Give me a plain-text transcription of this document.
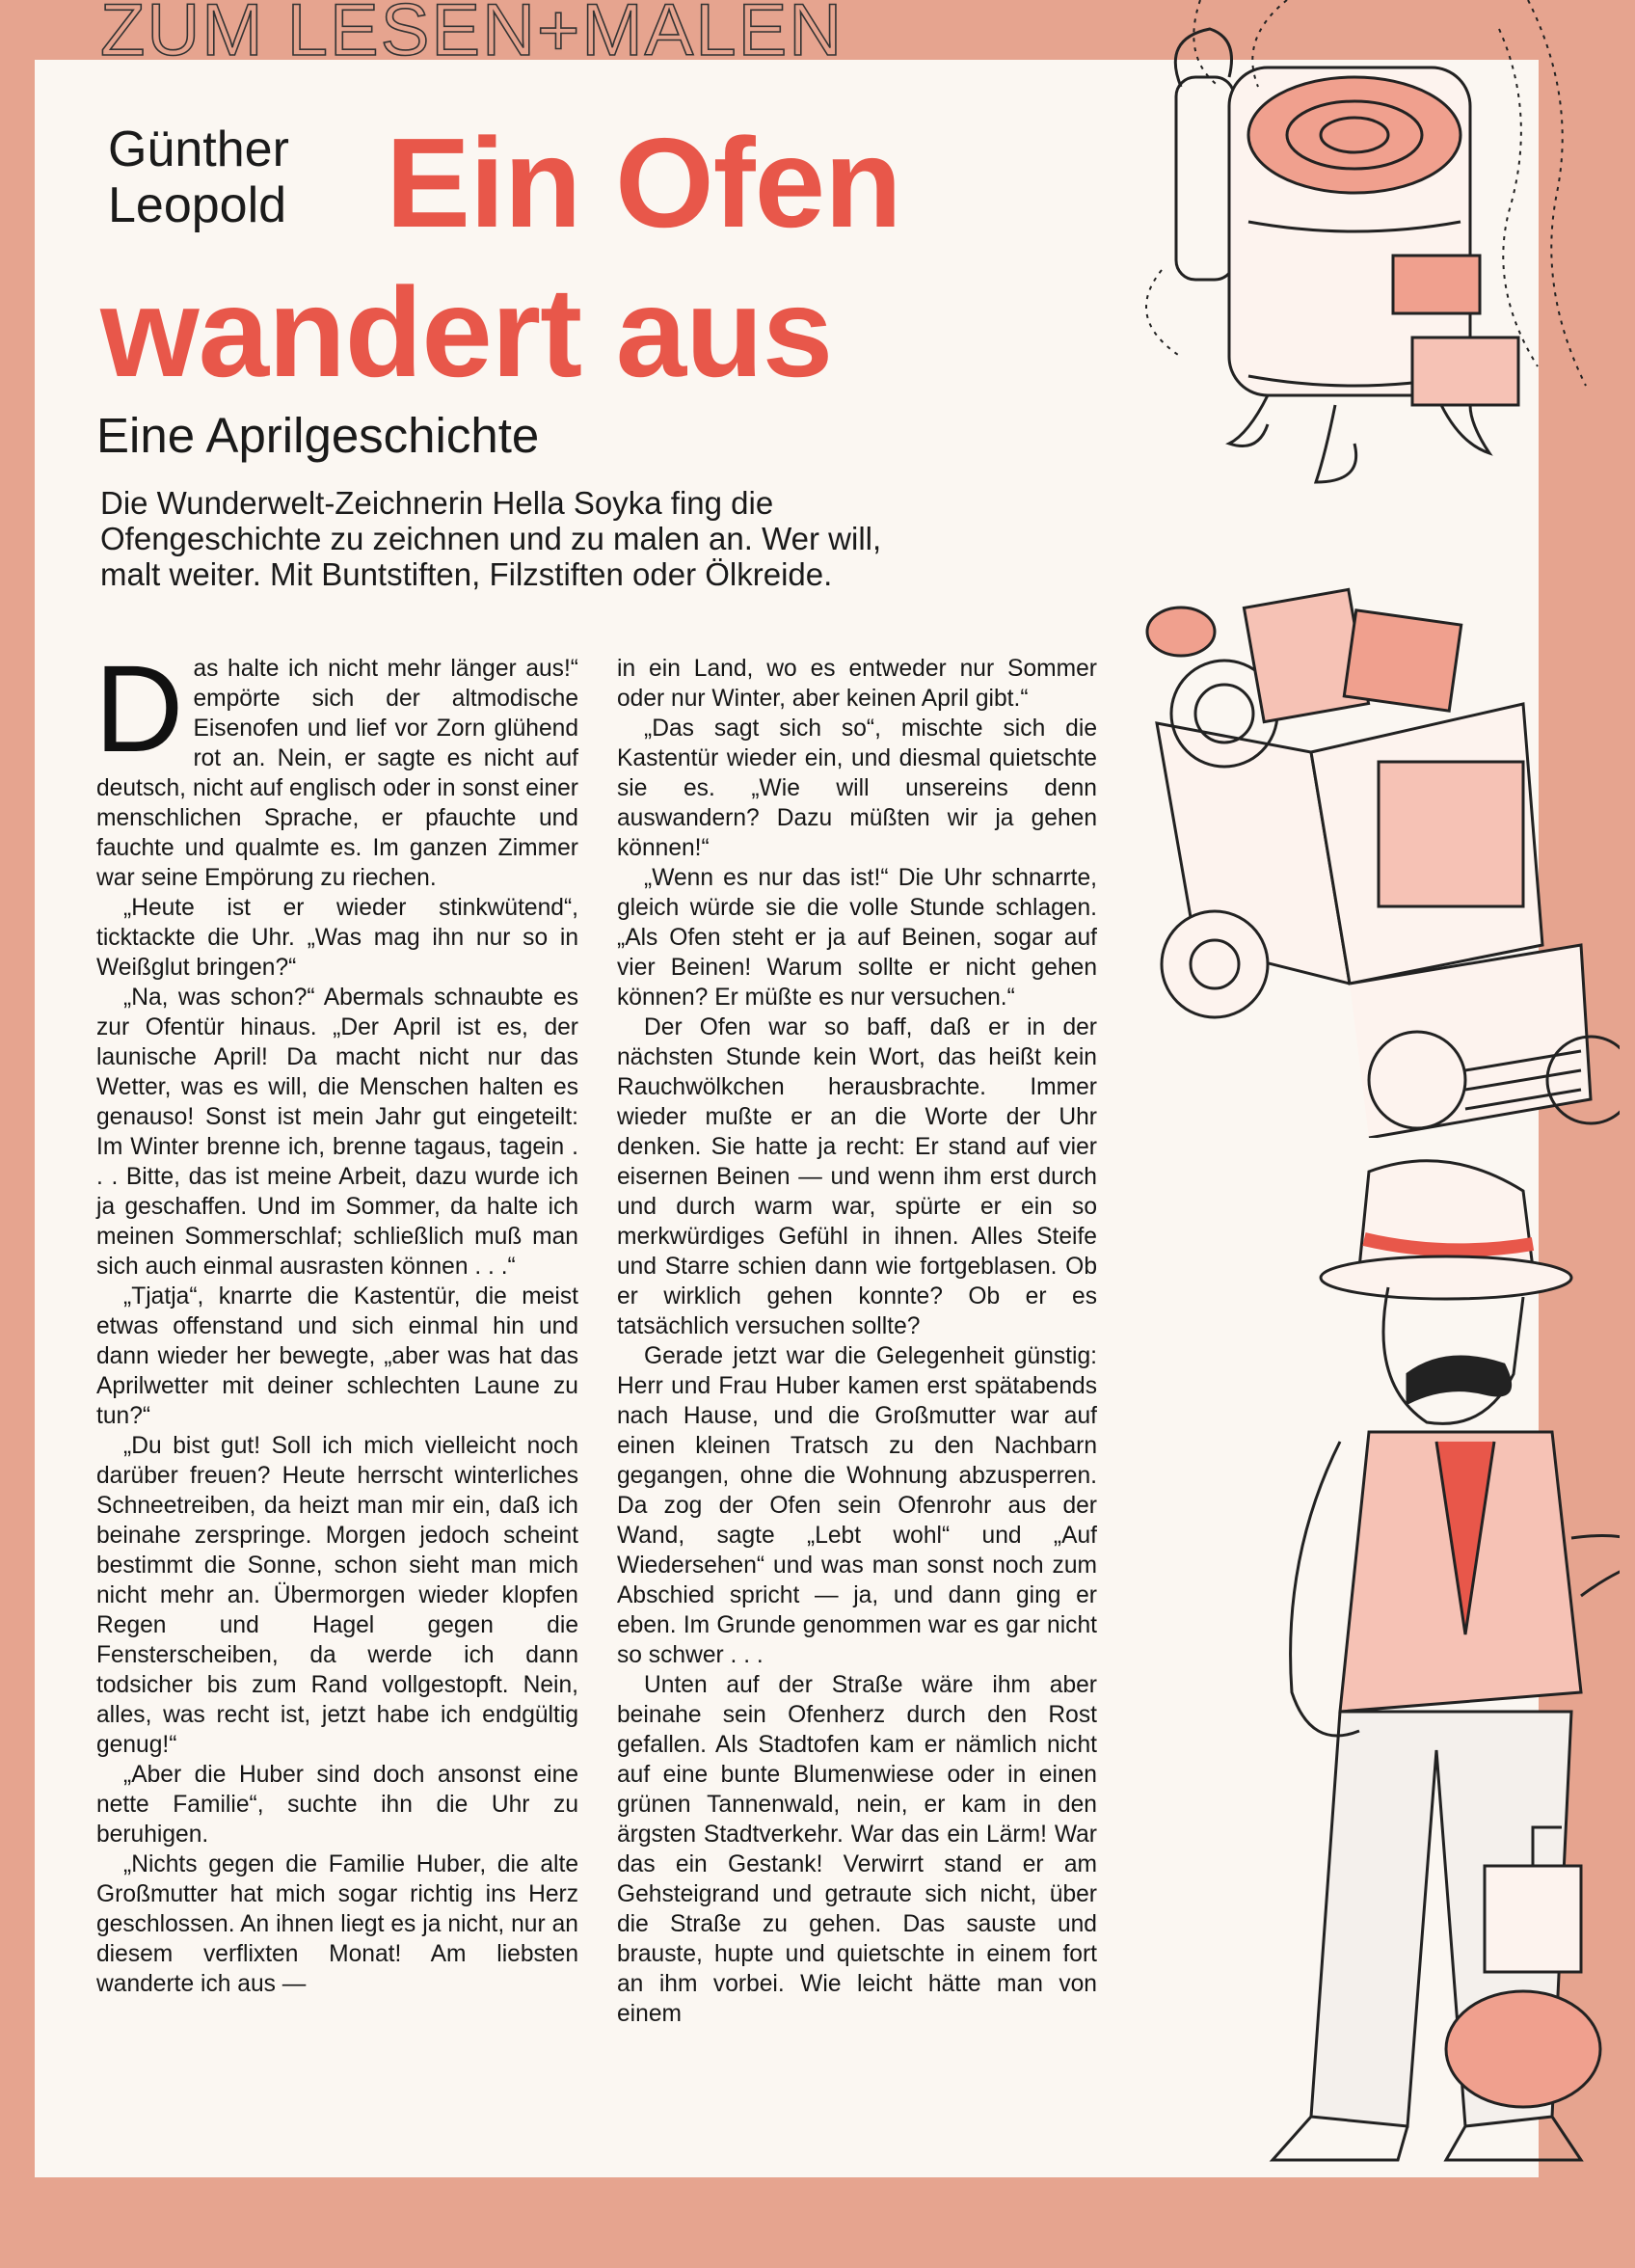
ZUM LESEN+MALEN
Günther
Leopold Ein Ofen
wandert aus
Eine Aprilgeschichte

Die Wunderwelt-Zeichnerin Hella Soyka fing die Ofengeschichte zu zeichnen und zu malen an. Wer will, malt weiter. Mit Buntstiften, Filzstiften oder Ölkreide.

Das halte ich nicht mehr länger aus!“ empörte sich der altmodische Eisenofen und lief vor Zorn glühend rot an. Nein, er sagte es nicht auf deutsch, nicht auf englisch oder in sonst einer menschlichen Sprache, er pfauchte und fauchte und qualmte es. Im ganzen Zimmer war seine Empörung zu riechen.

„Heute ist er wieder stinkwütend“, ticktackte die Uhr. „Was mag ihn nur so in Weißglut bringen?“

„Na, was schon?“ Abermals schnaubte es zur Ofentür hinaus. „Der April ist es, der launische April! Da macht nicht nur das Wetter, was es will, die Menschen halten es genauso! Sonst ist mein Jahr gut eingeteilt: Im Winter brenne ich, brenne tagaus, tagein . . . Bitte, das ist meine Arbeit, dazu wurde ich ja geschaffen. Und im Sommer, da halte ich meinen Sommerschlaf; schließlich muß man sich auch einmal ausrasten können . . .“

„Tjatja“, knarrte die Kastentür, die meist etwas offenstand und sich einmal hin und dann wieder her bewegte, „aber was hat das Aprilwetter mit deiner schlechten Laune zu tun?“

„Du bist gut! Soll ich mich vielleicht noch darüber freuen? Heute herrscht winterliches Schneetreiben, da heizt man mir ein, daß ich beinahe zerspringe. Morgen jedoch scheint bestimmt die Sonne, schon sieht man mich nicht mehr an. Übermorgen wieder klopfen Regen und Hagel gegen die Fensterscheiben, da werde ich dann todsicher bis zum Rand vollgestopft. Nein, alles, was recht ist, jetzt habe ich endgültig genug!“

„Aber die Huber sind doch ansonst eine nette Familie“, suchte ihn die Uhr zu beruhigen.

„Nichts gegen die Familie Huber, die alte Großmutter hat mich sogar richtig ins Herz geschlossen. An ihnen liegt es ja nicht, nur an diesem verflixten Monat! Am liebsten wanderte ich aus —

in ein Land, wo es entweder nur Sommer oder nur Winter, aber keinen April gibt.“

„Das sagt sich so“, mischte sich die Kastentür wieder ein, und diesmal quietschte sie es. „Wie will unsereins denn auswandern? Dazu müßten wir ja gehen können!“

„Wenn es nur das ist!“ Die Uhr schnarrte, gleich würde sie die volle Stunde schlagen. „Als Ofen steht er ja auf Beinen, sogar auf vier Beinen! Warum sollte er nicht gehen können? Er müßte es nur versuchen.“

Der Ofen war so baff, daß er in der nächsten Stunde kein Wort, das heißt kein Rauchwölkchen herausbrachte. Immer wieder mußte er an die Worte der Uhr denken. Sie hatte ja recht: Er stand auf vier eisernen Beinen — und wenn ihm erst durch und durch warm war, spürte er ein so merkwürdiges Gefühl in ihnen. Alles Steife und Starre schien dann wie fortgeblasen. Ob er wirklich gehen konnte? Ob er es tatsächlich versuchen sollte?

Gerade jetzt war die Gelegenheit günstig: Herr und Frau Huber kamen erst spätabends nach Hause, und die Großmutter war auf einen kleinen Tratsch zu den Nachbarn gegangen, ohne die Wohnung abzusperren. Da zog der Ofen sein Ofenrohr aus der Wand, sagte „Lebt wohl“ und „Auf Wiedersehen“ und was man sonst noch zum Abschied spricht — ja, und dann ging er eben. Im Grunde genommen war es gar nicht so schwer . . .

Unten auf der Straße wäre ihm aber beinahe sein Ofenherz durch den Rost gefallen. Als Stadtofen kam er nämlich nicht auf eine bunte Blumenwiese oder in einen grünen Tannenwald, nein, er kam in den ärgsten Stadtverkehr. War das ein Lärm! War das ein Gestank! Verwirrt stand er am Gehsteigrand und getraute sich nicht, über die Straße zu gehen. Das sauste und brauste, hupte und quietschte in einem fort an ihm vorbei. Wie leicht hätte man von einem
